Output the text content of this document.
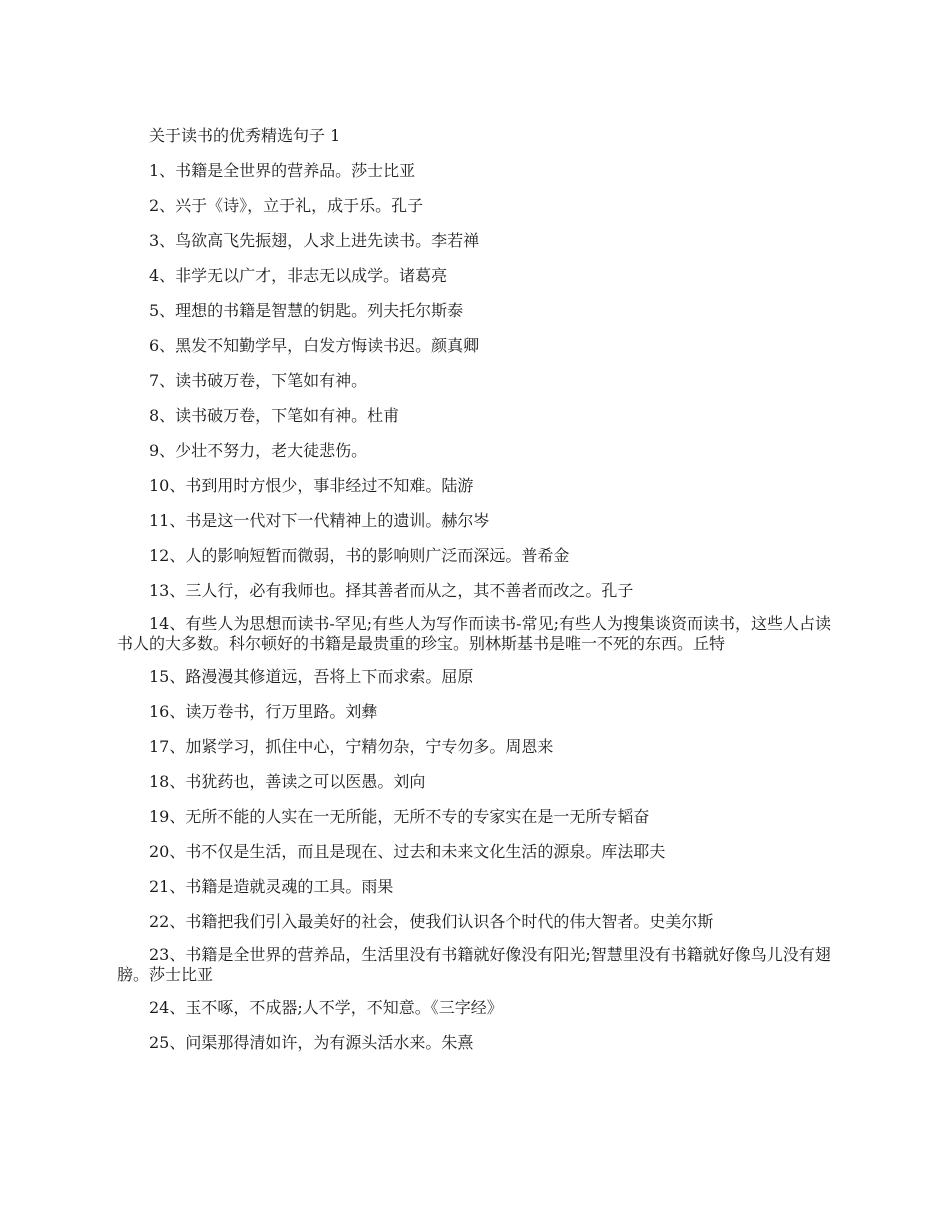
关于读书的优秀精选句子 1

1、书籍是全世界的营养品。莎士比亚

2、兴于《诗》，立于礼，成于乐。孔子

3、鸟欲高飞先振翅，人求上进先读书。李若禅

4、非学无以广才，非志无以成学。诸葛亮

5、理想的书籍是智慧的钥匙。列夫托尔斯泰

6、黑发不知勤学早，白发方悔读书迟。颜真卿

7、读书破万卷，下笔如有神。

8、读书破万卷，下笔如有神。杜甫

9、少壮不努力，老大徒悲伤。

10、书到用时方恨少，事非经过不知难。陆游

11、书是这一代对下一代精神上的遗训。赫尔岑

12、人的影响短暂而微弱，书的影响则广泛而深远。普希金

13、三人行，必有我师也。择其善者而从之，其不善者而改之。孔子

14、有些人为思想而读书-罕见;有些人为写作而读书-常见;有些人为搜集谈资而读书，这些人占读书人的大多数。科尔顿好的书籍是最贵重的珍宝。别林斯基书是唯一不死的东西。丘特

15、路漫漫其修道远，吾将上下而求索。屈原

16、读万卷书，行万里路。刘彝

17、加紧学习，抓住中心，宁精勿杂，宁专勿多。周恩来

18、书犹药也，善读之可以医愚。刘向

19、无所不能的人实在一无所能，无所不专的专家实在是一无所专韬奋

20、书不仅是生活，而且是现在、过去和未来文化生活的源泉。库法耶夫

21、书籍是造就灵魂的工具。雨果

22、书籍把我们引入最美好的社会，使我们认识各个时代的伟大智者。史美尔斯

23、书籍是全世界的营养品，生活里没有书籍就好像没有阳光;智慧里没有书籍就好像鸟儿没有翅膀。莎士比亚

24、玉不啄，不成器;人不学，不知意。《三字经》

25、问渠那得清如许，为有源头活水来。朱熹
